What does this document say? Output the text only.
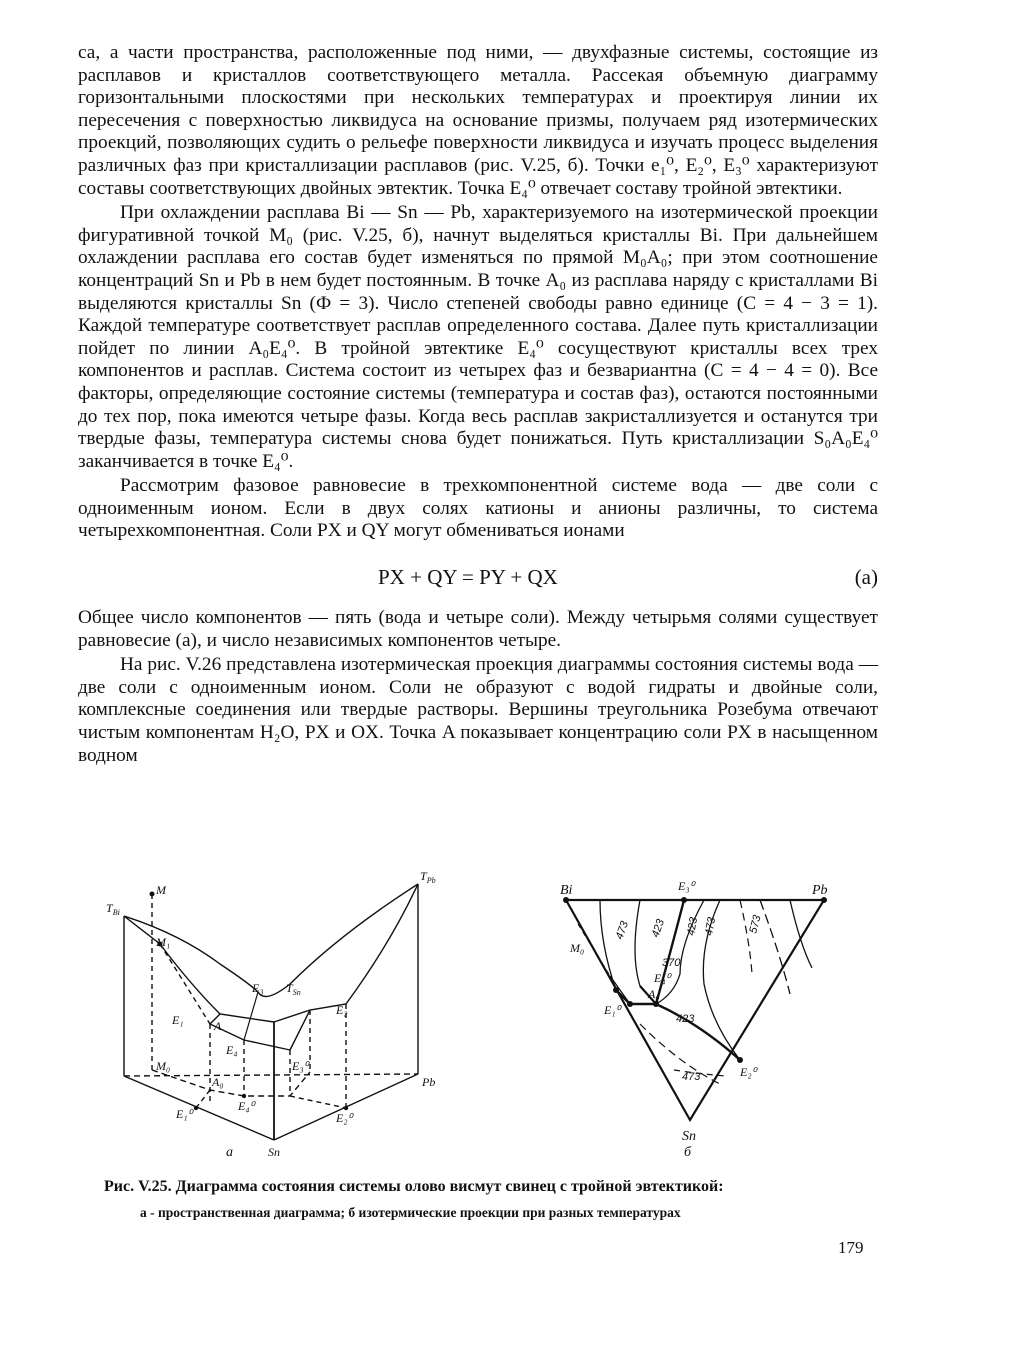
са, а части пространства, расположенные под ними, — двухфазные системы, состоящие из расплавов и кристаллов соответствующего металла. Рассекая объемную диаграмму горизонтальными плоскостями при нескольких температурах и проектируя линии их пересечения с поверхностью ликвидуса на основание призмы, получаем ряд изотермических проекций, позволяющих судить о рельефе поверхности ликвидуса и изучать процесс выделения различных фаз при кристаллизации расплавов (рис. V.25, б). Точки e₁⁰, E₂⁰, E₃⁰ характеризуют составы соответствующих двойных эвтектик. Точка E₄⁰ отвечает составу тройной эвтектики.

При охлаждении расплава Bi — Sn — Pb, характеризуемого на изотермической проекции фигуративной точкой M₀ (рис. V.25, б), начнут выделяться кристаллы Bi. При дальнейшем охлаждении расплава его состав будет изменяться по прямой M₀A₀; при этом соотношение концентраций Sn и Pb в нем будет постоянным. В точке A₀ из расплава наряду с кристаллами Bi выделяются кристаллы Sn (Ф = 3). Число степеней свободы равно единице (C = 4 − 3 = 1). Каждой температуре соответствует расплав определенного состава. Далее путь кристаллизации пойдет по линии A₀E₄⁰. В тройной эвтектике E₄⁰ сосуществуют кристаллы всех трех компонентов и расплав. Система состоит из четырех фаз и безвариантна (C = 4 − 4 = 0). Все факторы, определяющие состояние системы (температура и состав фаз), остаются постоянными до тех пор, пока имеются четыре фазы. Когда весь расплав закристаллизуется и останутся три твердые фазы, температура системы снова будет понижаться. Путь кристаллизации S₀A₀E₄⁰ заканчивается в точке E₄⁰.

Рассмотрим фазовое равновесие в трехкомпонентной системе вода — две соли с одноименным ионом. Если в двух солях катионы и анионы различны, то система четырехкомпонентная. Соли PX и QY могут обмениваться ионами

PX + QY = PY + QX	(а)

Общее число компонентов — пять (вода и четыре соли). Между четырьмя солями существует равновесие (а), и число независимых компонентов четыре.

На рис. V.26 представлена изотермическая проекция диаграммы состояния системы вода — две соли с одноименным ионом. Соли не образуют с водой гидраты и двойные соли, комплексные соединения или твердые растворы. Вершины треугольника Розебума отвечают чистым компонентам H₂O, PX и OX. Точка A показывает концентрацию соли PX в насыщенном водном

$T_{Bi}$
M
M₁
$T_{Pb}$
E₃ $T_{Sn}$
E₂
E₁	A
E₄
E₃⁰
M₀
A₀
E₄⁰
E₁⁰	E₂⁰
Pb
Sn
а
Bi	Pb
Sn
E₃⁰
M₀
E₄⁰
A₀
E₁⁰
E₂⁰
473 423
370
423 473	573
423
473
б
Рис. V.25. Диаграмма состояния системы олово висмут свинец с тройной эвтектикой:
а - пространственная диаграмма; б изотермические проекции при разных температурах
179
